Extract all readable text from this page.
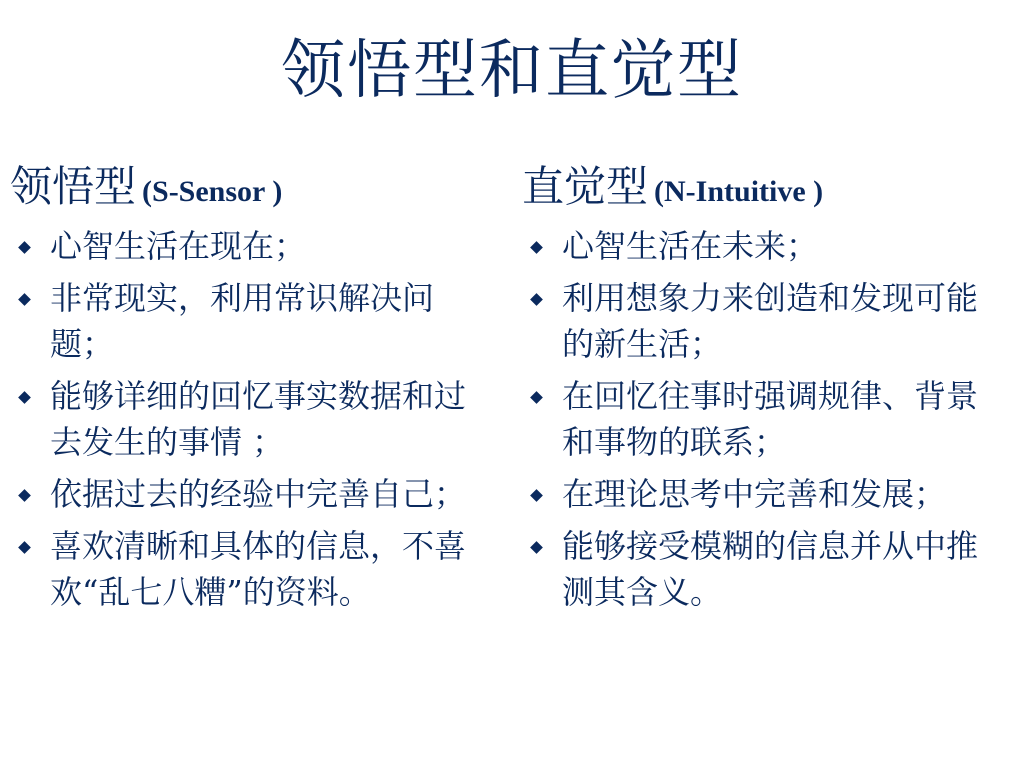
领悟型和直觉型
领悟型 (S-Sensor )
心智生活在现在；
非常现实，利用常识解决问题；
能够详细的回忆事实数据和过去发生的事情 ；
依据过去的经验中完善自己；
喜欢清晰和具体的信息，不喜欢“乱七八糟”的资料。
直觉型 (N-Intuitive )
心智生活在未来；
利用想象力来创造和发现可能的新生活；
在回忆往事时强调规律、背景和事物的联系；
在理论思考中完善和发展；
能够接受模糊的信息并从中推测其含义。
